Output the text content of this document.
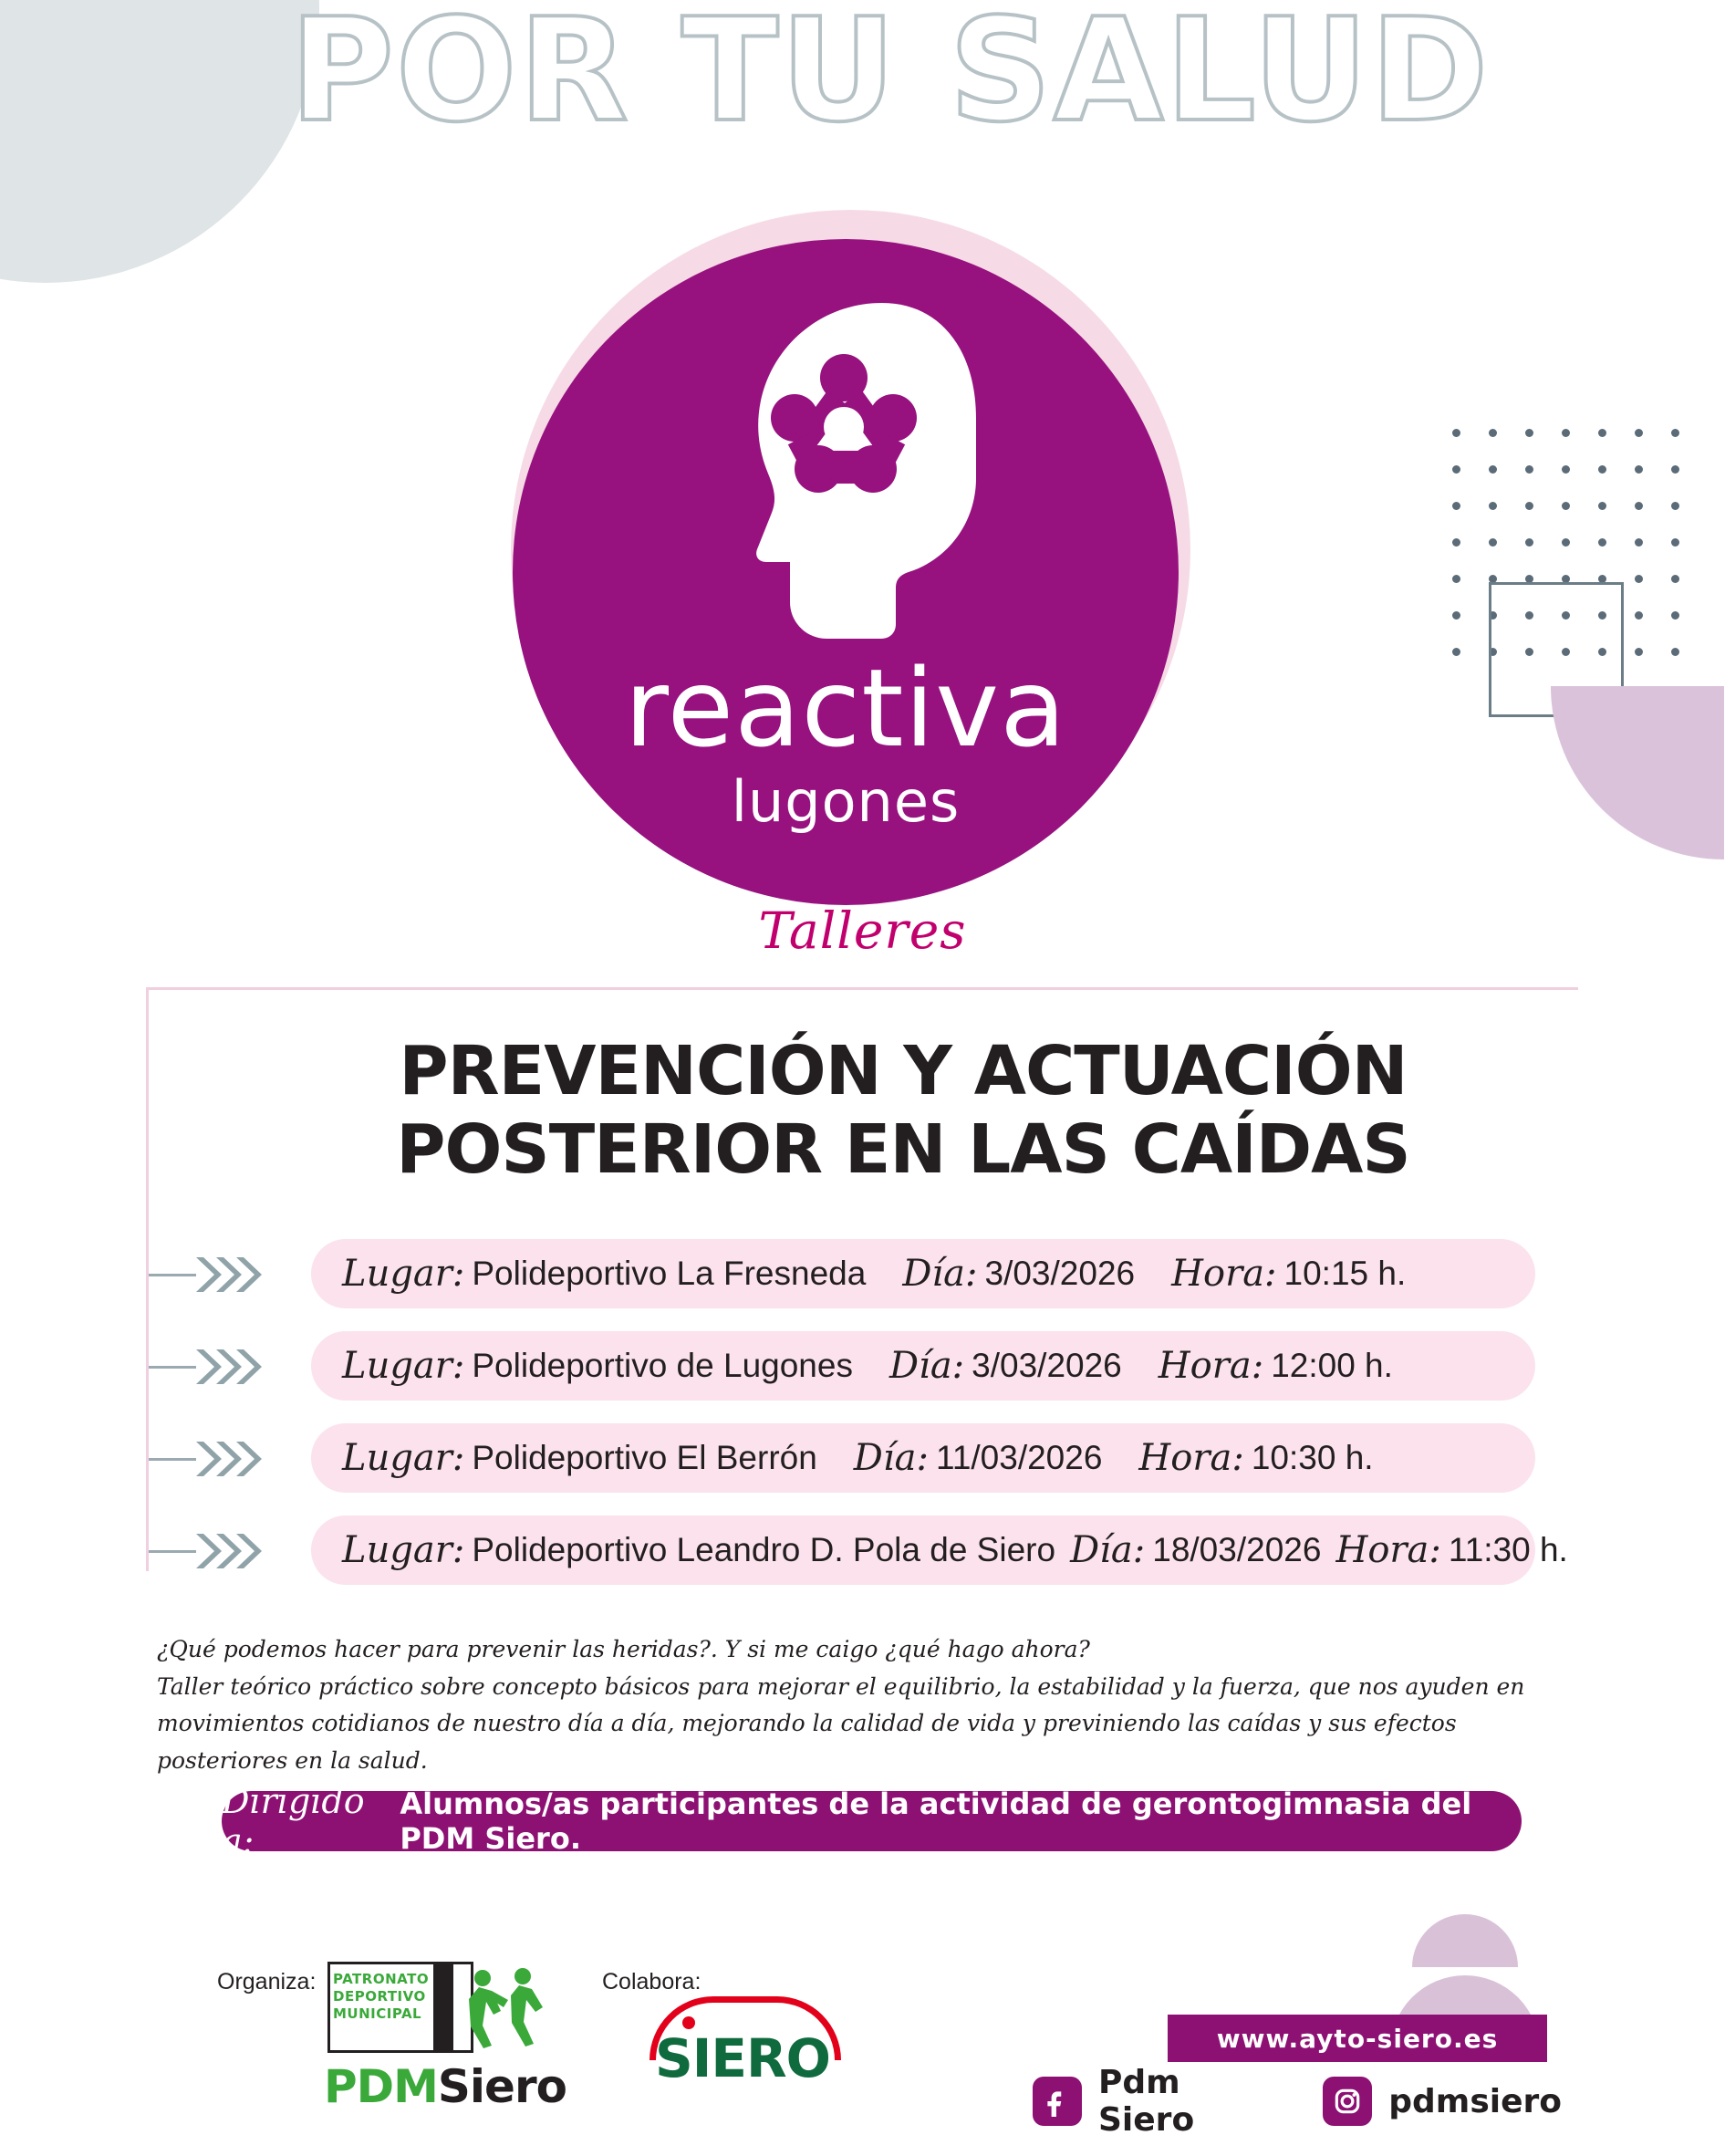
POR TU SALUD
reactiva
lugones
Talleres
PREVENCIÓN Y ACTUACIÓN POSTERIOR EN LAS CAÍDAS
Lugar: Polideportivo La Fresneda Día: 3/03/2026 Hora: 10:15 h.
Lugar: Polideportivo de Lugones Día: 3/03/2026 Hora: 12:00 h.
Lugar: Polideportivo El Berrón Día: 11/03/2026 Hora: 10:30 h.
Lugar: Polideportivo Leandro D. Pola de Siero Día: 18/03/2026 Hora: 11:30 h.
¿Qué podemos hacer para prevenir las heridas?. Y si me caigo ¿qué hago ahora?
Taller teórico práctico sobre concepto básicos para mejorar el equilibrio, la estabilidad y la fuerza, que nos ayuden en movimientos cotidianos de nuestro día a día, mejorando la calidad de vida y previniendo las caídas y sus efectos posteriores en la salud.
Dirigido a:
Alumnos/as participantes de la actividad de gerontogimnasia del PDM Siero.
Organiza:	Colabora:
PATRONATO DEPORTIVO MUNICIPAL
PDMSiero SIERO	www.ayto-siero.es
Pdm Siero	pdmsiero
